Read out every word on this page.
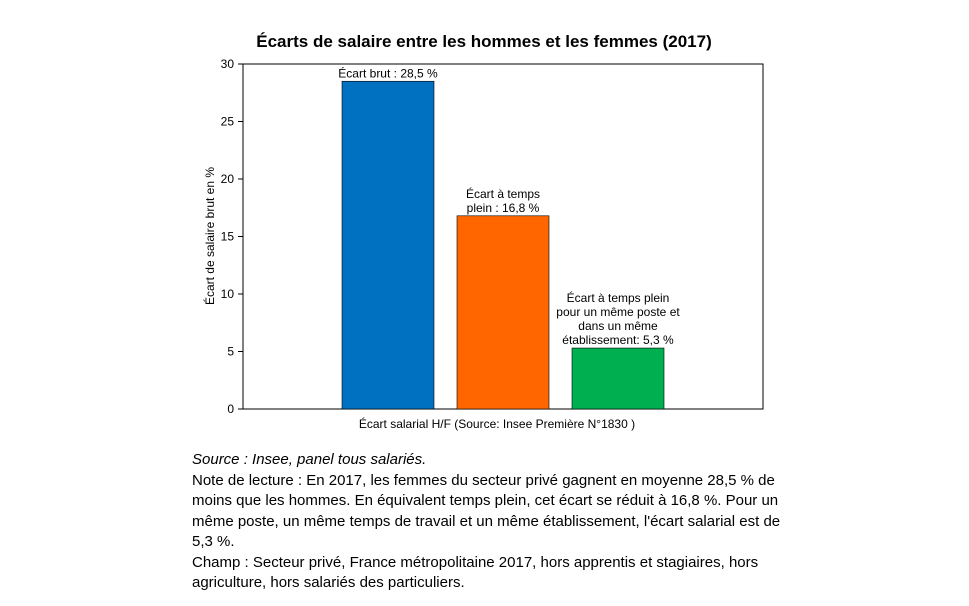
Écarts de salaire entre les hommes et les femmes (2017)
0
5
10
15
20
25
30
Écart brut : 28,5 %
Écart à temps
plein : 16,8 %
Écart à temps plein
pour un même poste et
dans un même
établissement: 5,3 %
Écart de salaire brut en %
Écart salarial H/F (Source: Insee Première N°1830 )

Source : Insee, panel tous salariés.

Note de lecture : En 2017, les femmes du secteur privé gagnent en moyenne 28,5 % de moins que les hommes. En équivalent temps plein, cet écart se réduit à 16,8 %. Pour un même poste, un même temps de travail et un même établissement, l'écart salarial est de 5,3 %.

Champ : Secteur privé, France métropolitaine 2017, hors apprentis et stagiaires, hors agriculture, hors salariés des particuliers.
